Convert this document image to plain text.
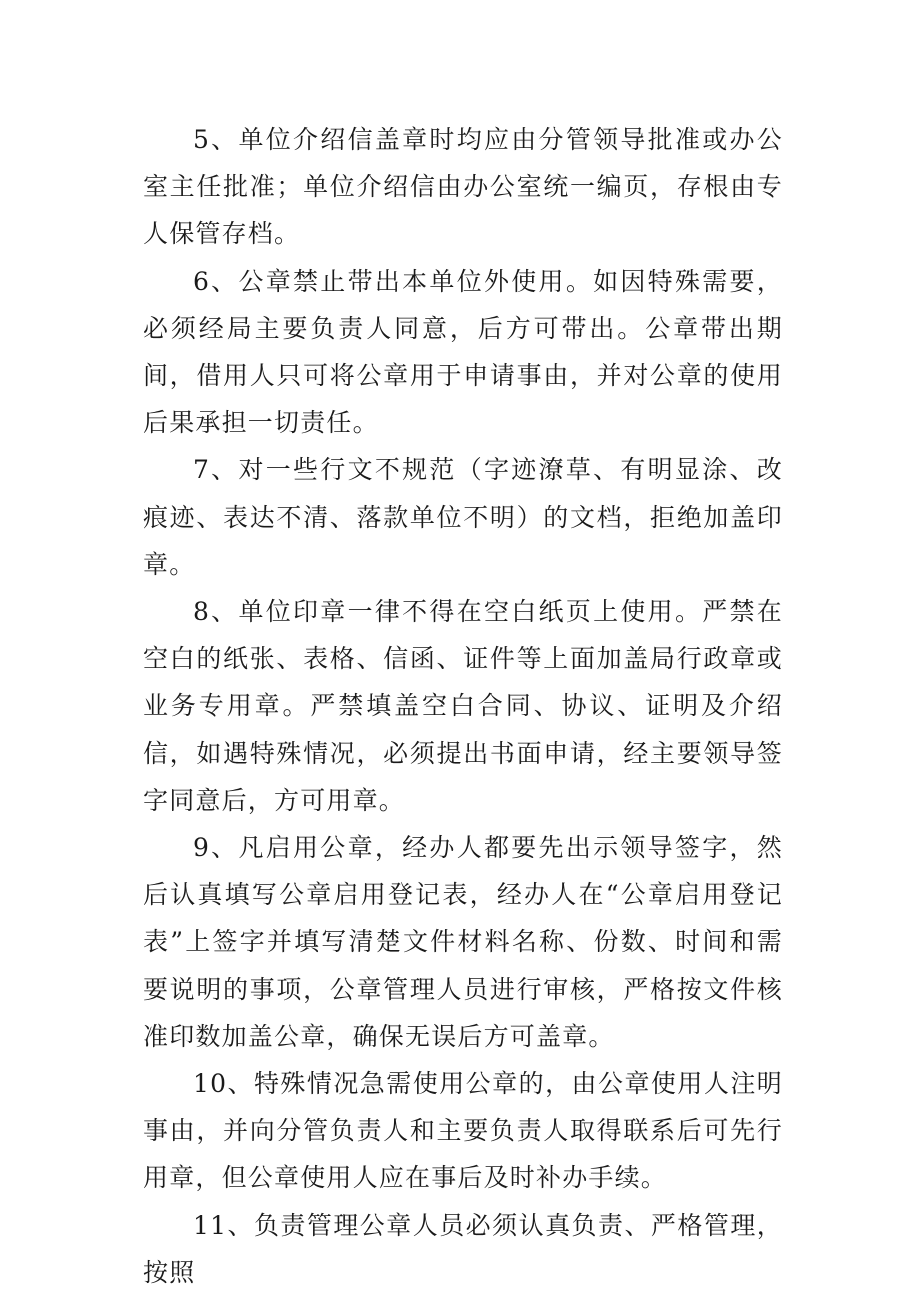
5、单位介绍信盖章时均应由分管领导批准或办公室主任批准；单位介绍信由办公室统一编页，存根由专人保管存档。

6、公章禁止带出本单位外使用。如因特殊需要，必须经局主要负责人同意，后方可带出。公章带出期间，借用人只可将公章用于申请事由，并对公章的使用后果承担一切责任。

7、对一些行文不规范（字迹潦草、有明显涂、改痕迹、表达不清、落款单位不明）的文档，拒绝加盖印章。

8、单位印章一律不得在空白纸页上使用。严禁在空白的纸张、表格、信函、证件等上面加盖局行政章或业务专用章。严禁填盖空白合同、协议、证明及介绍信，如遇特殊情况，必须提出书面申请，经主要领导签字同意后，方可用章。

9、凡启用公章，经办人都要先出示领导签字，然后认真填写公章启用登记表，经办人在“公章启用登记表”上签字并填写清楚文件材料名称、份数、时间和需要说明的事项，公章管理人员进行审核，严格按文件核准印数加盖公章，确保无误后方可盖章。

10、特殊情况急需使用公章的，由公章使用人注明事由，并向分管负责人和主要负责人取得联系后可先行用章，但公章使用人应在事后及时补办手续。

11、负责管理公章人员必须认真负责、严格管理，按照
